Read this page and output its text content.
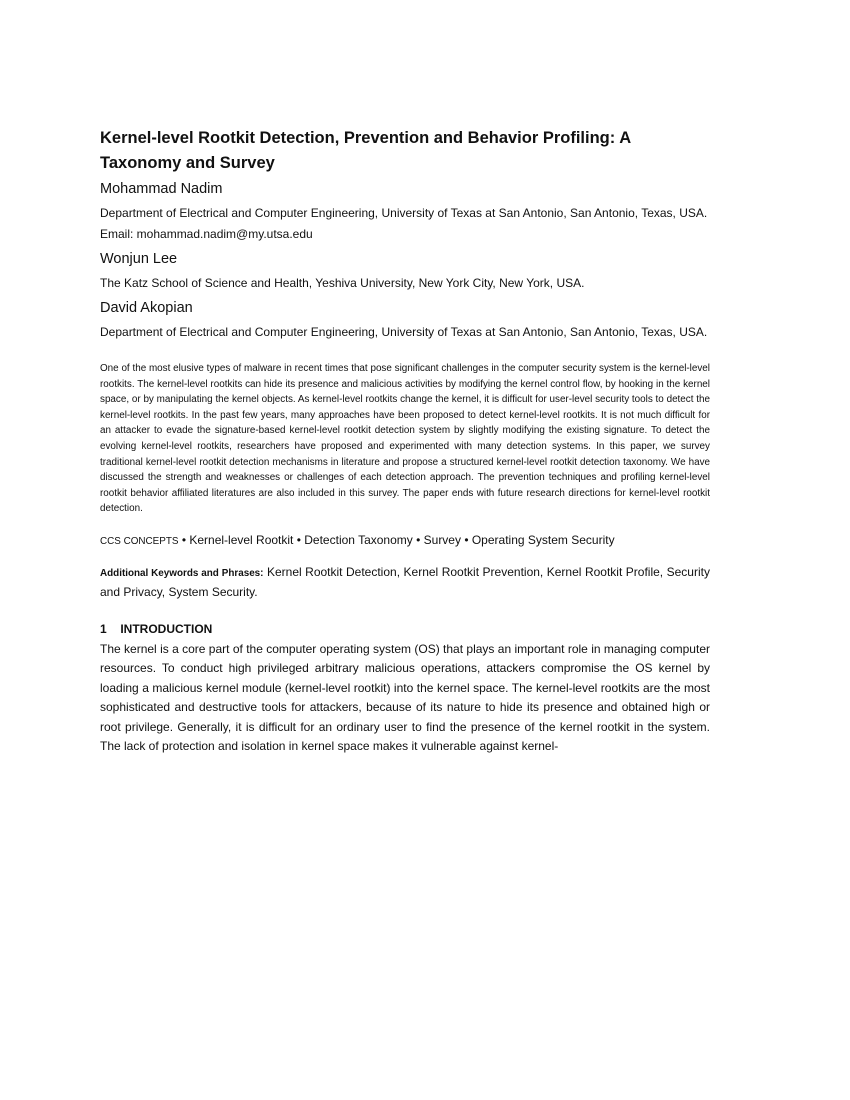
Kernel-level Rootkit Detection, Prevention and Behavior Profiling: A Taxonomy and Survey
Mohammad Nadim
Department of Electrical and Computer Engineering, University of Texas at San Antonio, San Antonio, Texas, USA. Email: mohammad.nadim@my.utsa.edu
Wonjun Lee
The Katz School of Science and Health, Yeshiva University, New York City, New York, USA.
David Akopian
Department of Electrical and Computer Engineering, University of Texas at San Antonio, San Antonio, Texas, USA.

One of the most elusive types of malware in recent times that pose significant challenges in the computer security system is the kernel-level rootkits. The kernel-level rootkits can hide its presence and malicious activities by modifying the kernel control flow, by hooking in the kernel space, or by manipulating the kernel objects. As kernel-level rootkits change the kernel, it is difficult for user-level security tools to detect the kernel-level rootkits. In the past few years, many approaches have been proposed to detect kernel-level rootkits. It is not much difficult for an attacker to evade the signature-based kernel-level rootkit detection system by slightly modifying the existing signature. To detect the evolving kernel-level rootkits, researchers have proposed and experimented with many detection systems. In this paper, we survey traditional kernel-level rootkit detection mechanisms in literature and propose a structured kernel-level rootkit detection taxonomy. We have discussed the strength and weaknesses or challenges of each detection approach. The prevention techniques and profiling kernel-level rootkit behavior affiliated literatures are also included in this survey. The paper ends with future research directions for kernel-level rootkit detection.

CCS CONCEPTS • Kernel-level Rootkit • Detection Taxonomy • Survey • Operating System Security

Additional Keywords and Phrases: Kernel Rootkit Detection, Kernel Rootkit Prevention, Kernel Rootkit Profile, Security and Privacy, System Security.

1 INTRODUCTION

The kernel is a core part of the computer operating system (OS) that plays an important role in managing computer resources. To conduct high privileged arbitrary malicious operations, attackers compromise the OS kernel by loading a malicious kernel module (kernel-level rootkit) into the kernel space. The kernel-level rootkits are the most sophisticated and destructive tools for attackers, because of its nature to hide its presence and obtained high or root privilege. Generally, it is difficult for an ordinary user to find the presence of the kernel rootkit in the system. The lack of protection and isolation in kernel space makes it vulnerable against kernel-
